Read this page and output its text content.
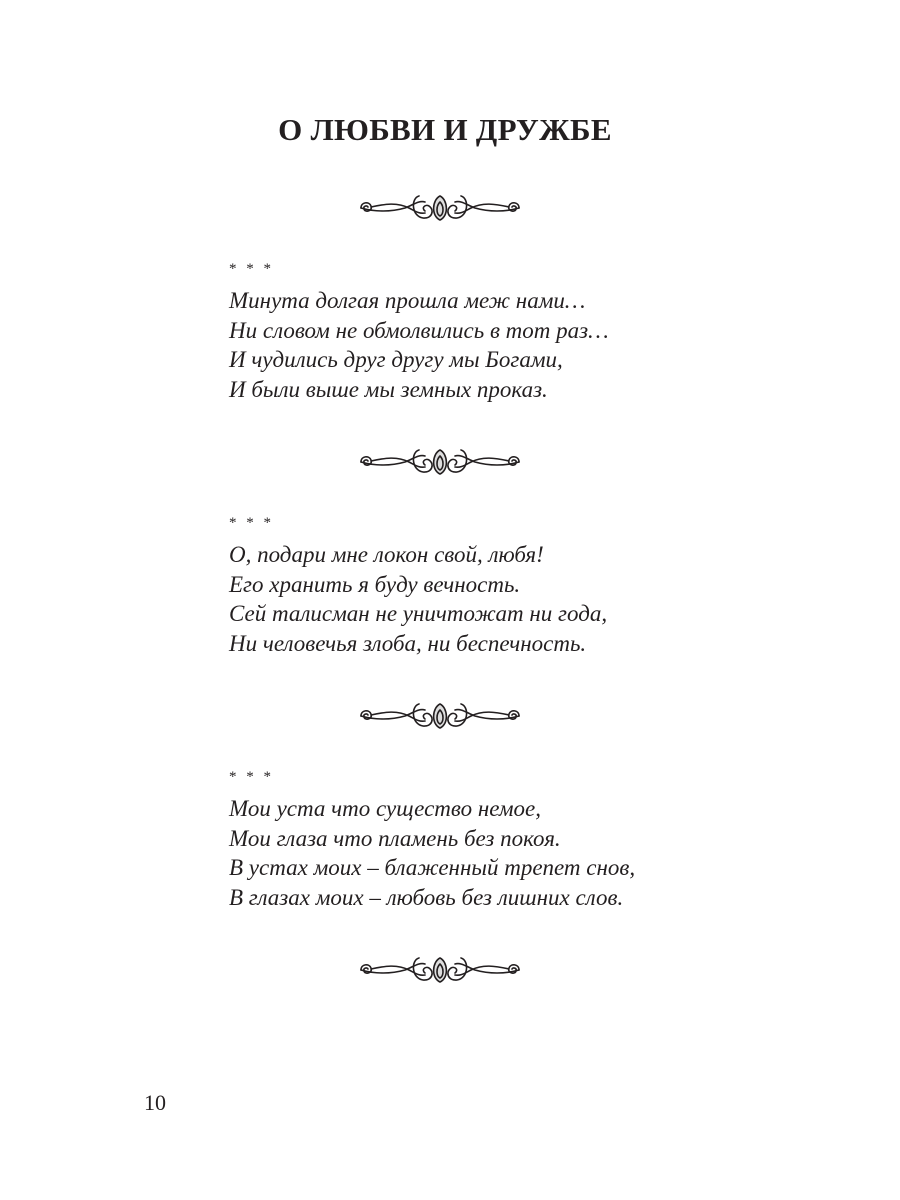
О ЛЮБВИ И ДРУЖБЕ
* * *
Минута долгая прошла меж нами…
Ни словом не обмолвились в тот раз…
И чудились друг другу мы Богами,
И были выше мы земных проказ.
* * *
О, подари мне локон свой, любя!
Его хранить я буду вечность.
Сей талисман не уничтожат ни года,
Ни человечья злоба, ни беспечность.
* * *
Мои уста что существо немое,
Мои глаза что пламень без покоя.
В устах моих – блаженный трепет снов,
В глазах моих – любовь без лишних слов.
10
